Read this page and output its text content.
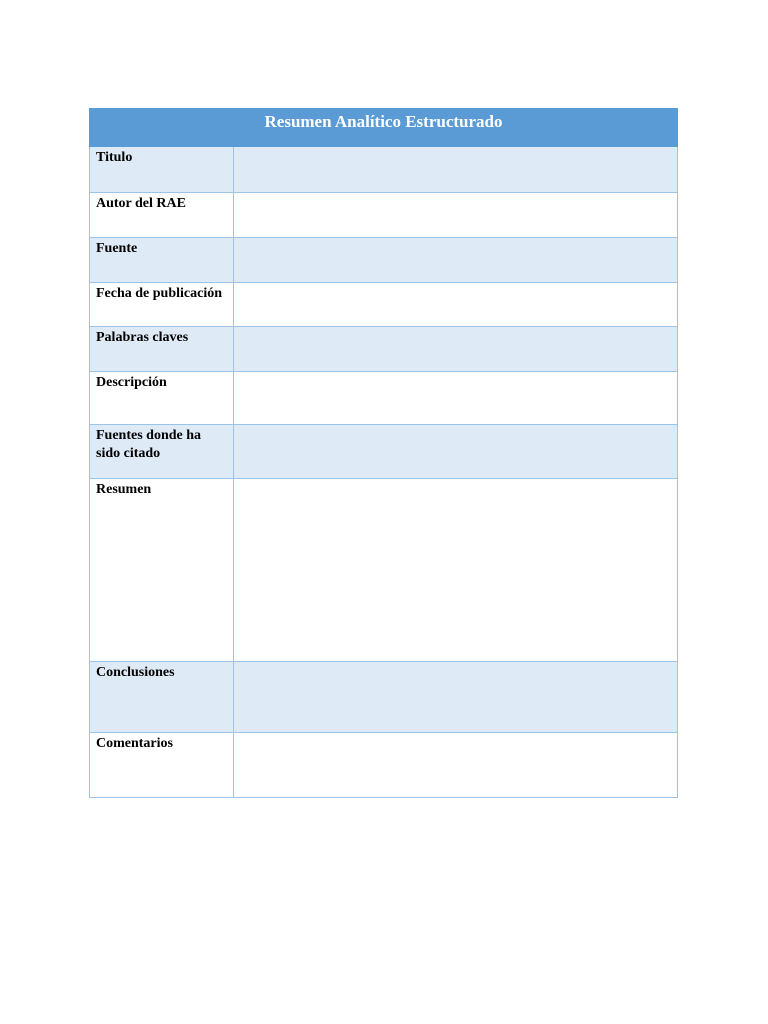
Resumen Analítico Estructurado	
Titulo	
Autor del RAE	
Fuente	
Fecha de publicación	
Palabras claves	
Descripción	
Fuentes donde ha sido citado	
Resumen	
Conclusiones	
Comentarios	
